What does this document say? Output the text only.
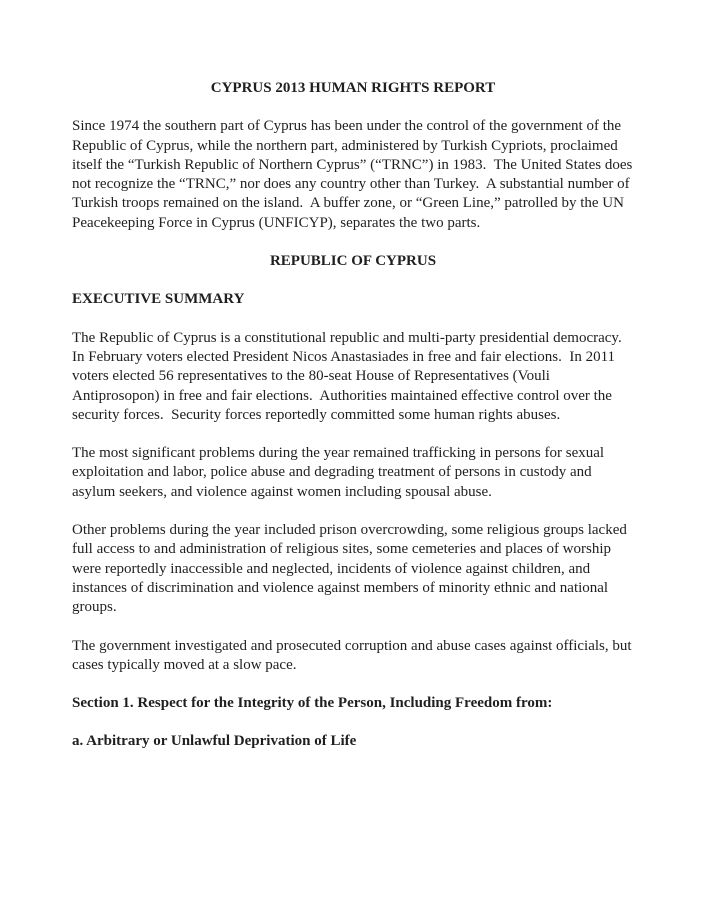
CYPRUS 2013 HUMAN RIGHTS REPORT

Since 1974 the southern part of Cyprus has been under the control of the government of the Republic of Cyprus, while the northern part, administered by Turkish Cypriots, proclaimed itself the “Turkish Republic of Northern Cyprus” (“TRNC”) in 1983.  The United States does not recognize the “TRNC,” nor does any country other than Turkey.  A substantial number of Turkish troops remained on the island.  A buffer zone, or “Green Line,” patrolled by the UN Peacekeeping Force in Cyprus (UNFICYP), separates the two parts.

REPUBLIC OF CYPRUS
EXECUTIVE SUMMARY

The Republic of Cyprus is a constitutional republic and multi-party presidential democracy.  In February voters elected President Nicos Anastasiades in free and fair elections.  In 2011 voters elected 56 representatives to the 80-seat House of Representatives (Vouli Antiprosopon) in free and fair elections.  Authorities maintained effective control over the security forces.  Security forces reportedly committed some human rights abuses.

The most significant problems during the year remained trafficking in persons for sexual exploitation and labor, police abuse and degrading treatment of persons in custody and asylum seekers, and violence against women including spousal abuse.

Other problems during the year included prison overcrowding, some religious groups lacked full access to and administration of religious sites, some cemeteries and places of worship were reportedly inaccessible and neglected, incidents of violence against children, and instances of discrimination and violence against members of minority ethnic and national groups.

The government investigated and prosecuted corruption and abuse cases against officials, but cases typically moved at a slow pace.

Section 1. Respect for the Integrity of the Person, Including Freedom from:
a. Arbitrary or Unlawful Deprivation of Life
